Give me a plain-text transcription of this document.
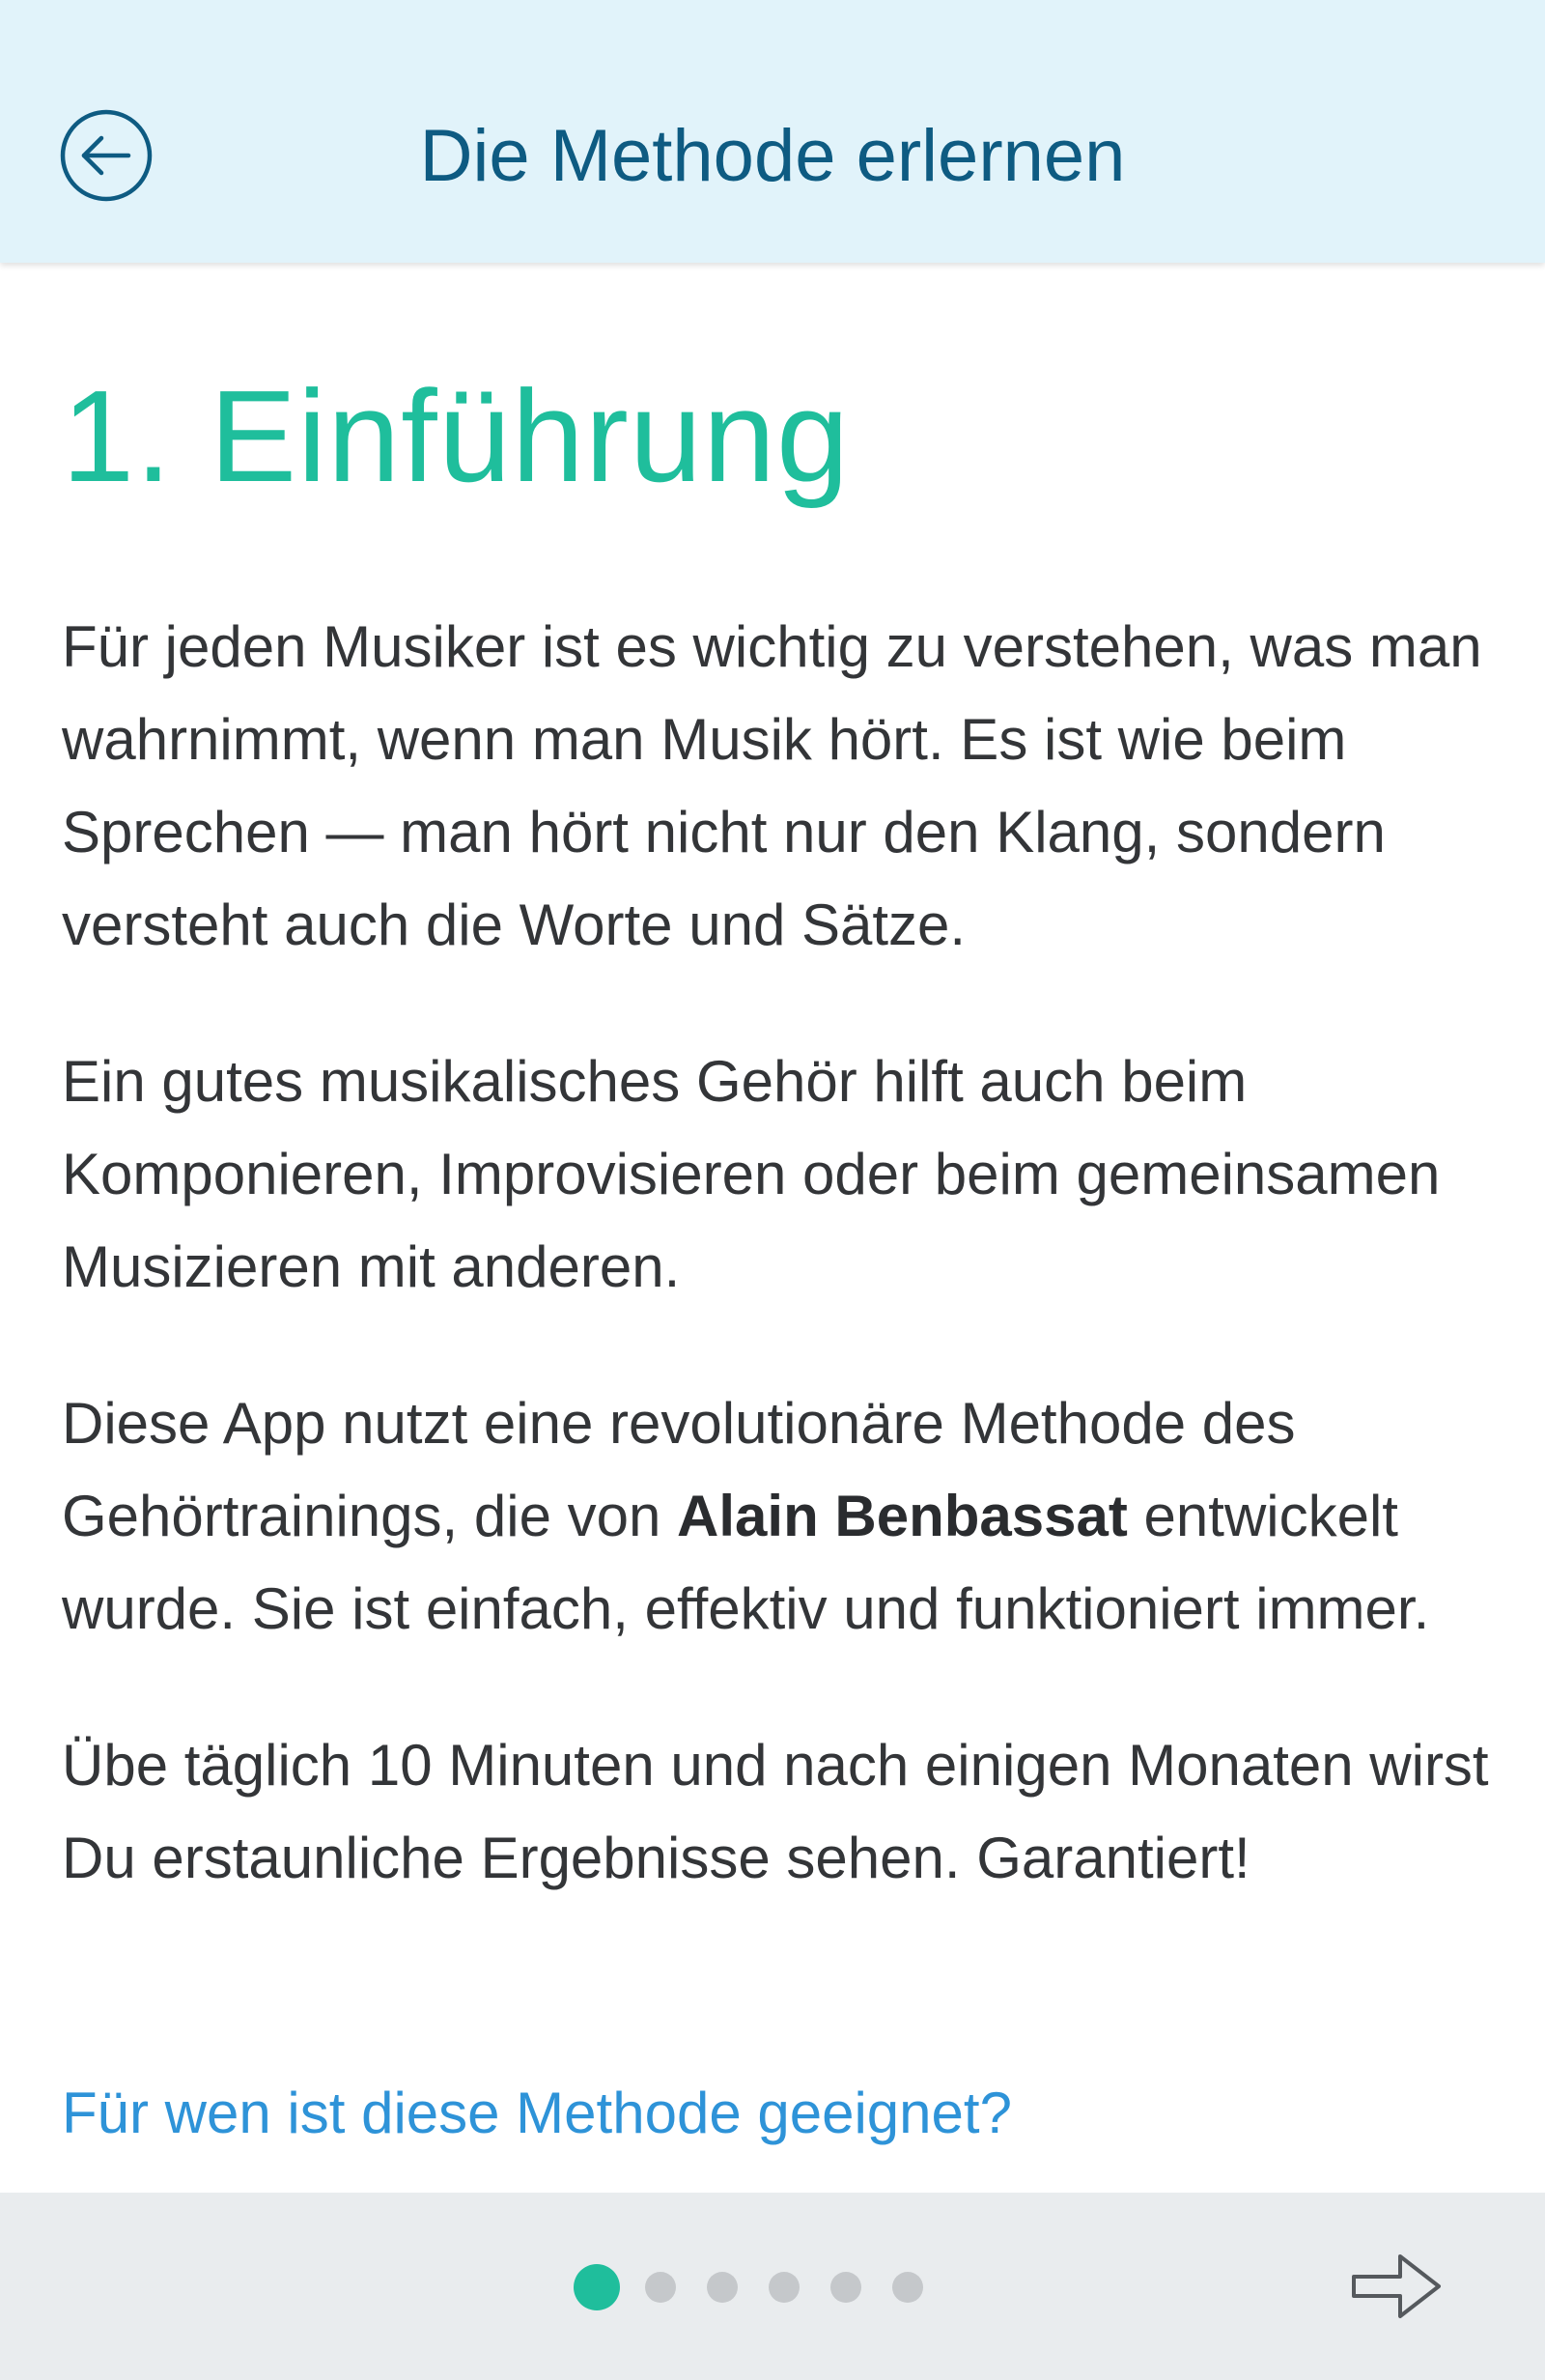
Die Methode erlernen
1. Einführung

Für jeden Musiker ist es wichtig zu verstehen, was man wahrnimmt, wenn man Musik hört. Es ist wie beim Sprechen — man hört nicht nur den Klang, sondern versteht auch die Worte und Sätze.

Ein gutes musikalisches Gehör hilft auch beim Komponieren, Improvisieren oder beim gemeinsamen Musizieren mit anderen.

Diese App nutzt eine revolutionäre Methode des Gehörtrainings, die von Alain Benbassat entwickelt wurde. Sie ist einfach, effektiv und funktioniert immer.

Übe täglich 10 Minuten und nach einigen Monaten wirst Du erstaunliche Ergebnisse sehen. Garantiert!

Für wen ist diese Methode geeignet?
